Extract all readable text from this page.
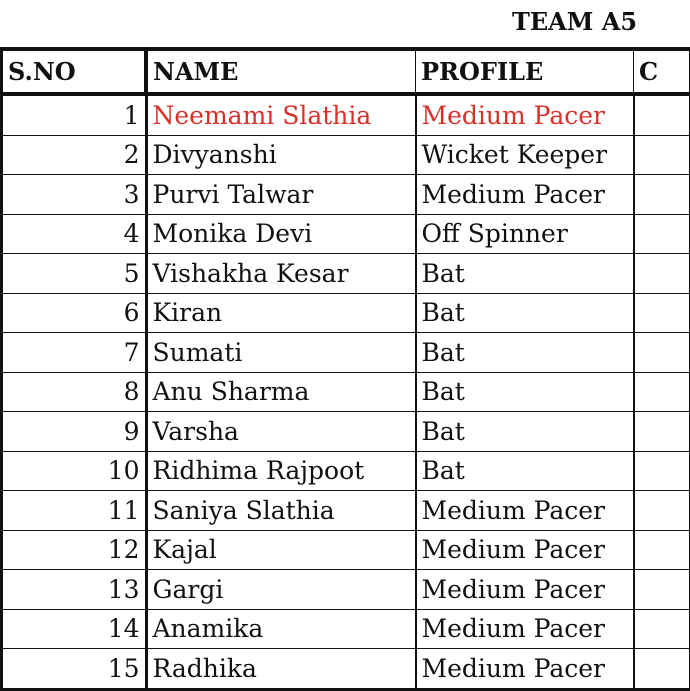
TEAM A5
S.NO	NAME	PROFILE	C
1	Neemami Slathia	Medium Pacer	
2	Divyanshi	Wicket Keeper	
3	Purvi Talwar	Medium Pacer	
4	Monika Devi	Off Spinner	
5	Vishakha Kesar	Bat	
6	Kiran	Bat	
7	Sumati	Bat	
8	Anu Sharma	Bat	
9	Varsha	Bat	
10	Ridhima Rajpoot	Bat	
11	Saniya Slathia	Medium Pacer	
12	Kajal	Medium Pacer	
13	Gargi	Medium Pacer	
14	Anamika	Medium Pacer	
15	Radhika	Medium Pacer	
